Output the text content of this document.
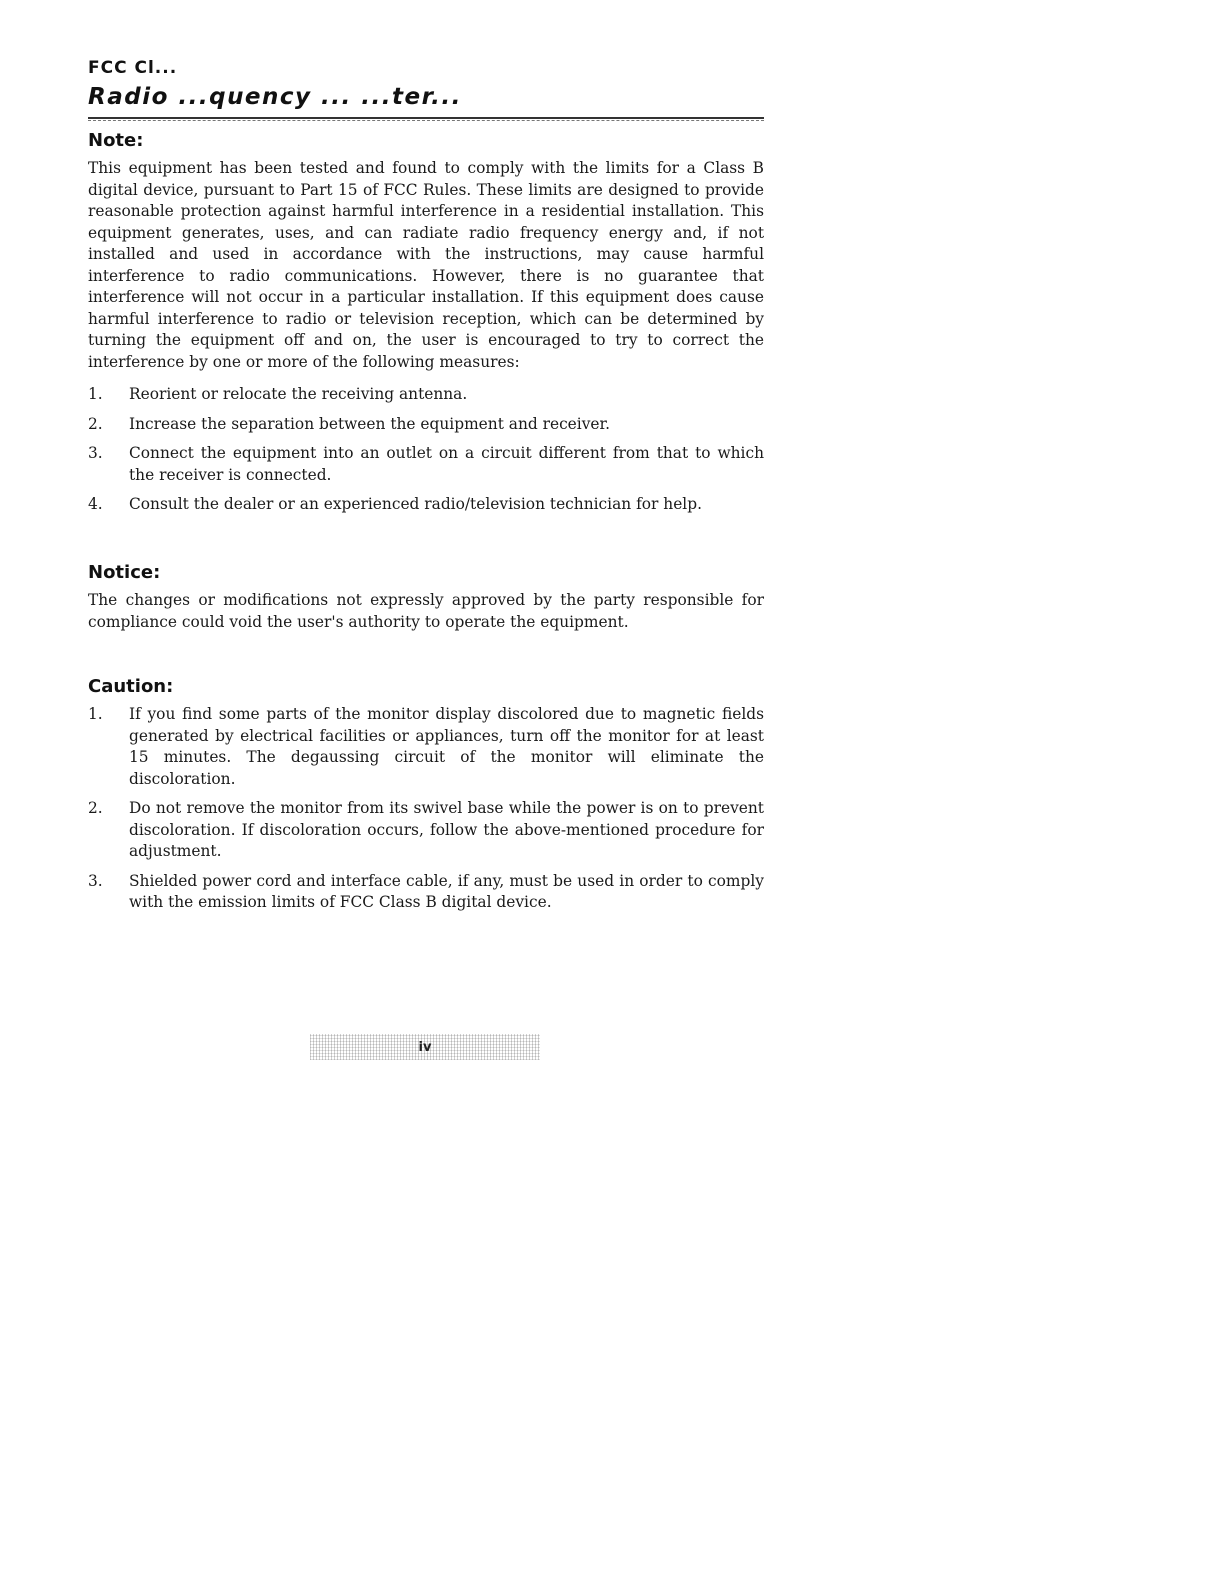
FCC Cl...
Radio ...quency ... ...ter...
Note:
This equipment has been tested and found to comply with the limits for a Class B digital device, pursuant to Part 15 of FCC Rules. These limits are designed to provide reasonable protection against harmful interference in a residential installation. This equipment generates, uses, and can radiate radio frequency energy and, if not installed and used in accordance with the instructions, may cause harmful interference to radio communications. However, there is no guarantee that interference will not occur in a particular installation. If this equipment does cause harmful interference to radio or television reception, which can be determined by turning the equipment off and on, the user is encouraged to try to correct the interference by one or more of the following measures:
1. Reorient or relocate the receiving antenna.
2. Increase the separation between the equipment and receiver.
3. Connect the equipment into an outlet on a circuit different from that to which the receiver is connected.
4. Consult the dealer or an experienced radio/television technician for help.
Notice:
The changes or modifications not expressly approved by the party responsible for compliance could void the user's authority to operate the equipment.
Caution:
1. If you find some parts of the monitor display discolored due to magnetic fields generated by electrical facilities or appliances, turn off the monitor for at least 15 minutes. The degaussing circuit of the monitor will eliminate the discoloration.
2. Do not remove the monitor from its swivel base while the power is on to prevent discoloration. If discoloration occurs, follow the above-mentioned procedure for adjustment.
3. Shielded power cord and interface cable, if any, must be used in order to comply with the emission limits of FCC Class B digital device.
iv
